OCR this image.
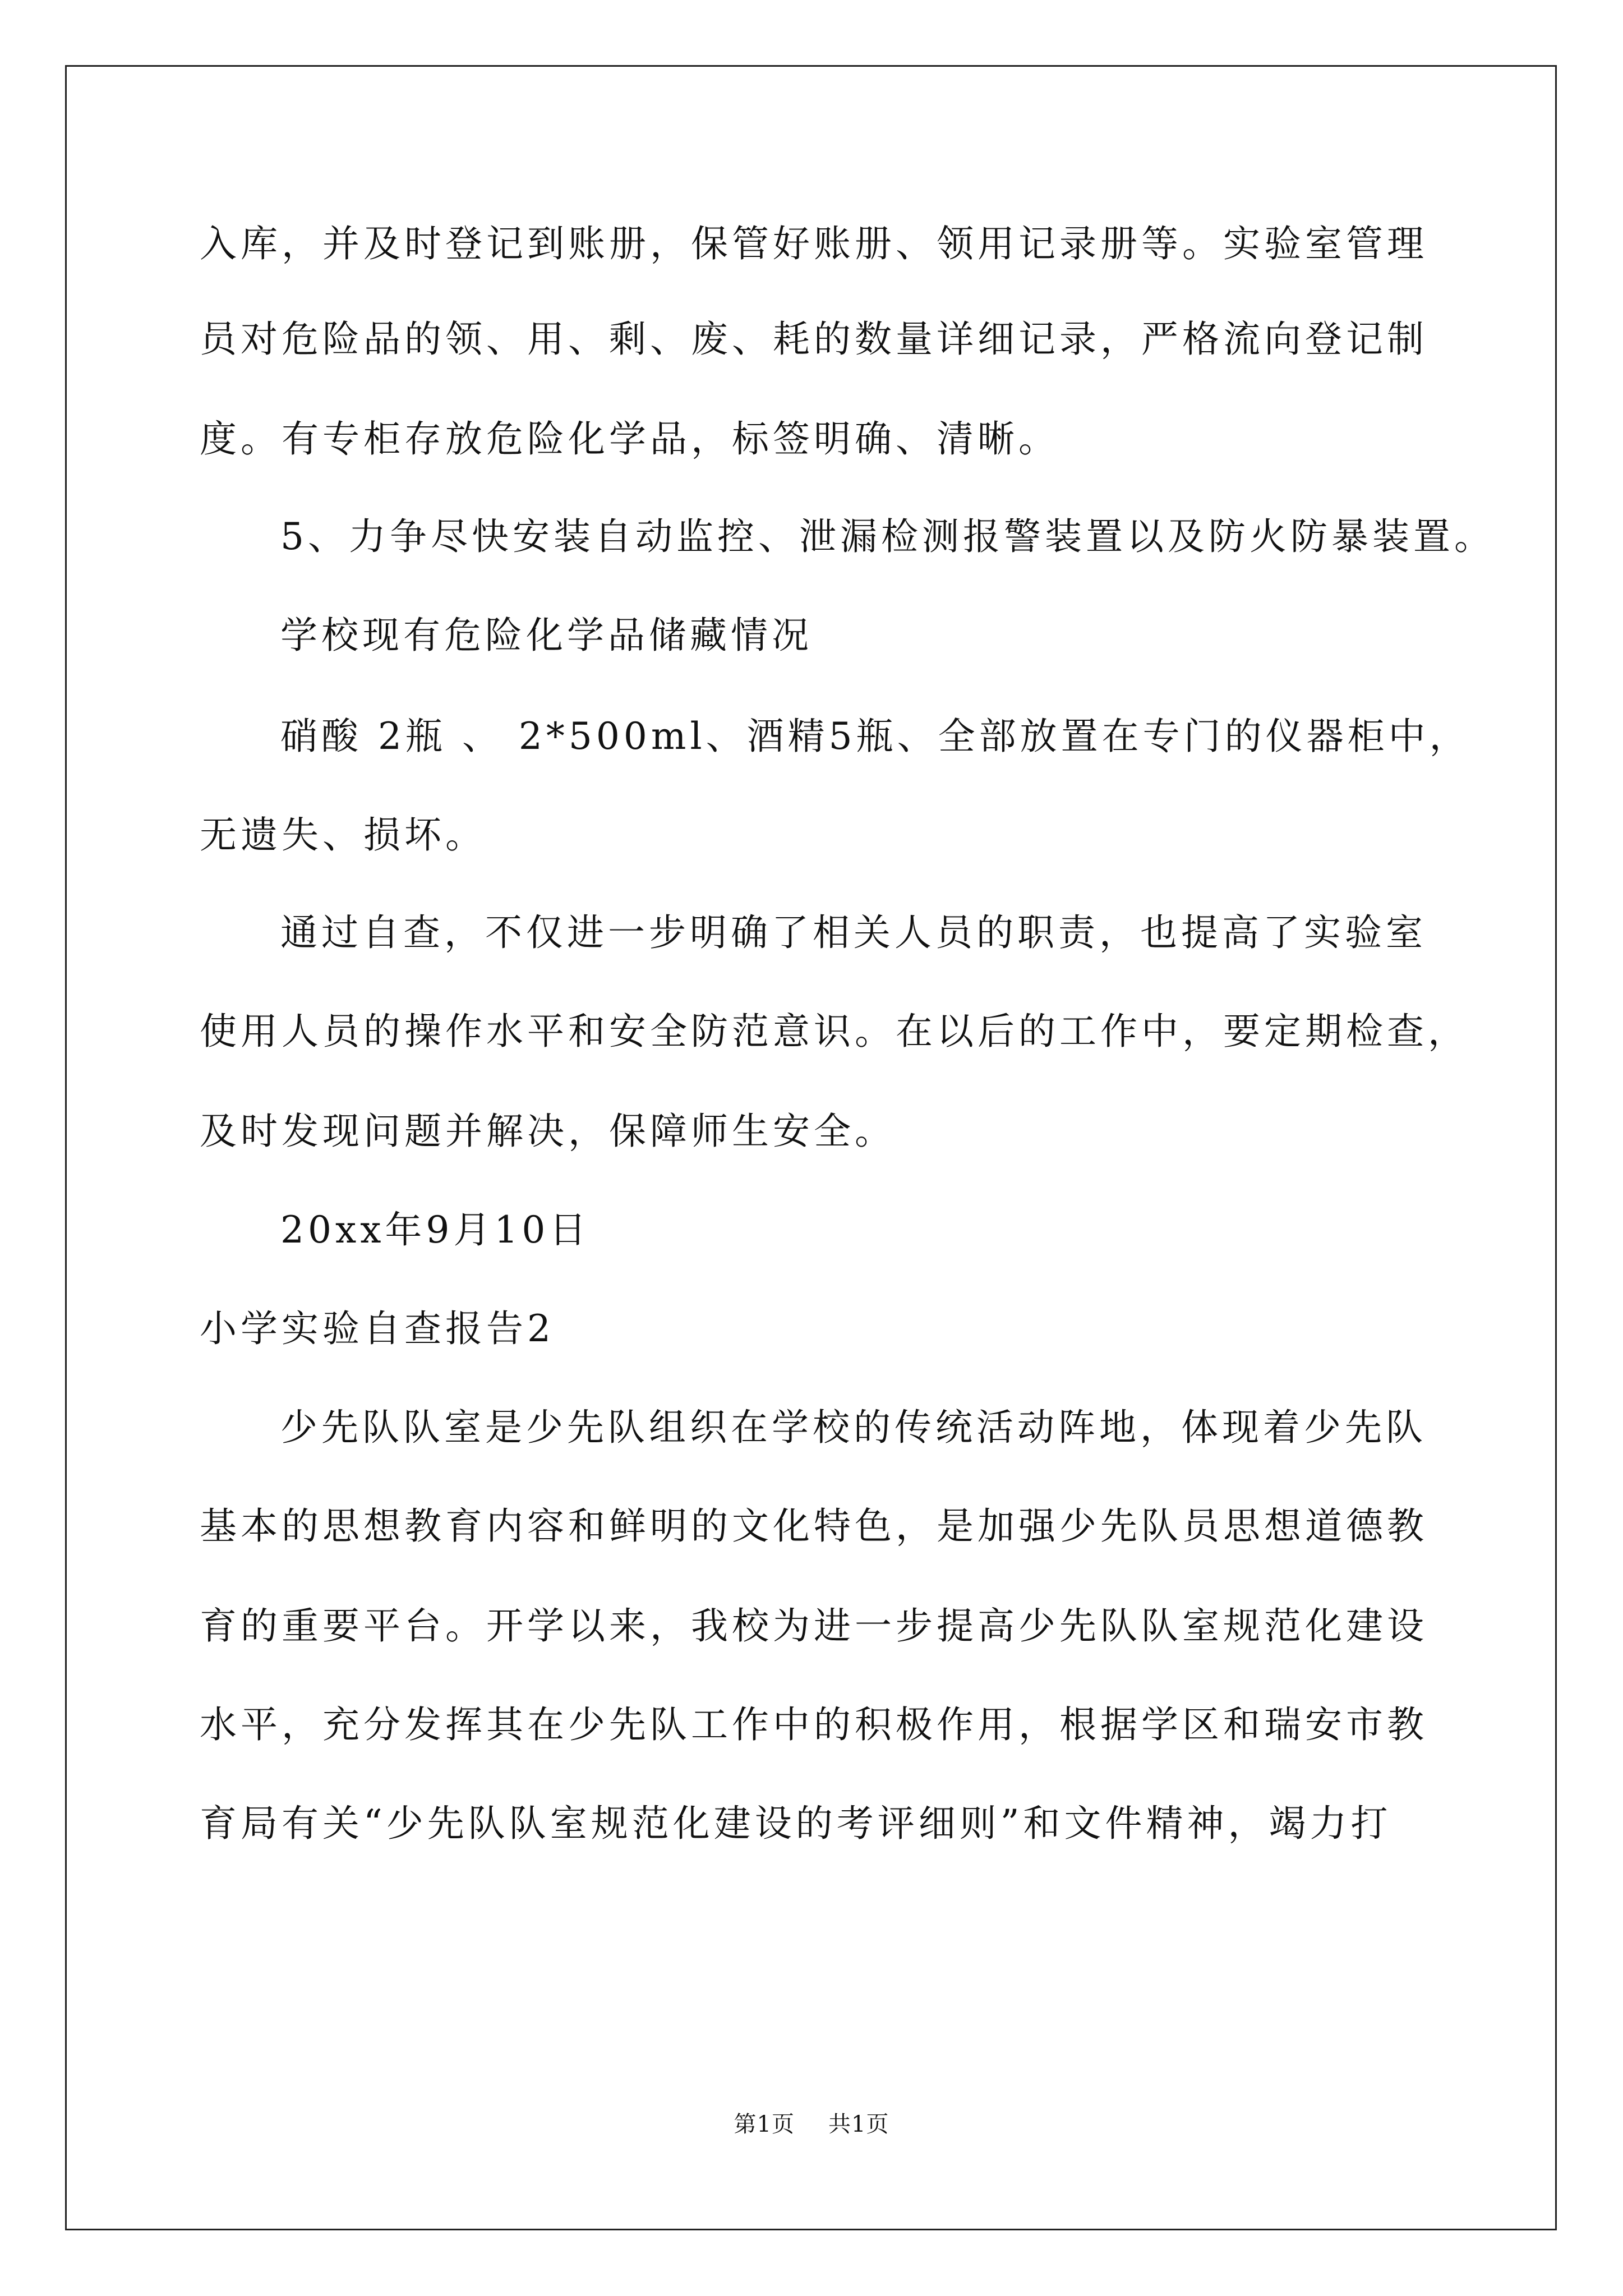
入库，并及时登记到账册，保管好账册、领用记录册等。实验室管理
员对危险品的领、用、剩、废、耗的数量详细记录，严格流向登记制
度。有专柜存放危险化学品，标签明确、清晰。
5、力争尽快安装自动监控、泄漏检测报警装置以及防火防暴装置。
学校现有危险化学品储藏情况
硝酸 2瓶 、 2*500ml、酒精5瓶、全部放置在专门的仪器柜中，
无遗失、损坏。
通过自查，不仅进一步明确了相关人员的职责，也提高了实验室
使用人员的操作水平和安全防范意识。在以后的工作中，要定期检查，
及时发现问题并解决，保障师生安全。
20xx年9月10日
小学实验自查报告2
少先队队室是少先队组织在学校的传统活动阵地，体现着少先队
基本的思想教育内容和鲜明的文化特色，是加强少先队员思想道德教
育的重要平台。开学以来，我校为进一步提高少先队队室规范化建设
水平，充分发挥其在少先队工作中的积极作用，根据学区和瑞安市教
育局有关“少先队队室规范化建设的考评细则”和文件精神，竭力打
第1页 共1页
